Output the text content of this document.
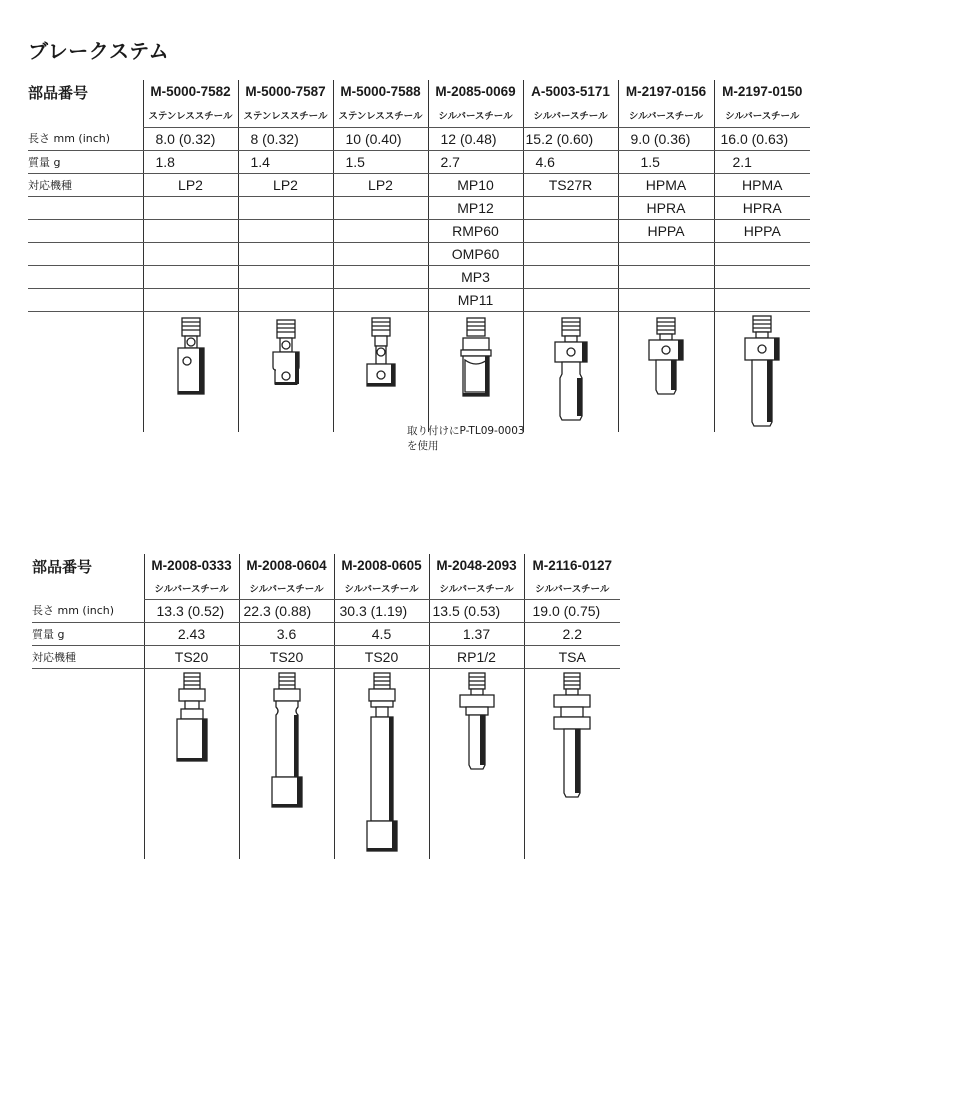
ブレークステム
部品番号	M-5000-7582	M-5000-7587	M-5000-7588	M-2085-0069	A-5003-5171	M-2197-0156	M-2197-0150
	ステンレススチール	ステンレススチール	ステンレススチール	シルバースチール	シルバースチール	シルバースチール	シルバースチール
長さ mm (inch)	8.0 (0.32)	8 (0.32)	10 (0.40)	12 (0.48)	15.2 (0.60)	9.0 (0.36)	16.0 (0.63)
質量 g	1.8	1.4	1.5	2.7	4.6	1.5	2.1
対応機種	LP2	LP2	LP2	MP10	TS27R	HPMA	HPMA
				MP12		HPRA	HPRA
				RMP60		HPPA	HPPA
				OMP60			
				MP3			
				MP11			

取り付けにP-TL09-0003
を使用
部品番号	M-2008-0333	M-2008-0604	M-2008-0605	M-2048-2093	M-2116-0127
	シルバースチール	シルバースチール	シルバースチール	シルバースチール	シルバースチール
長さ mm (inch)	13.3 (0.52)	22.3 (0.88)	30.3 (1.19)	13.5 (0.53)	19.0 (0.75)
質量 g	2.43	3.6	4.5	1.37	2.2
対応機種	TS20	TS20	TS20	RP1/2	TSA
